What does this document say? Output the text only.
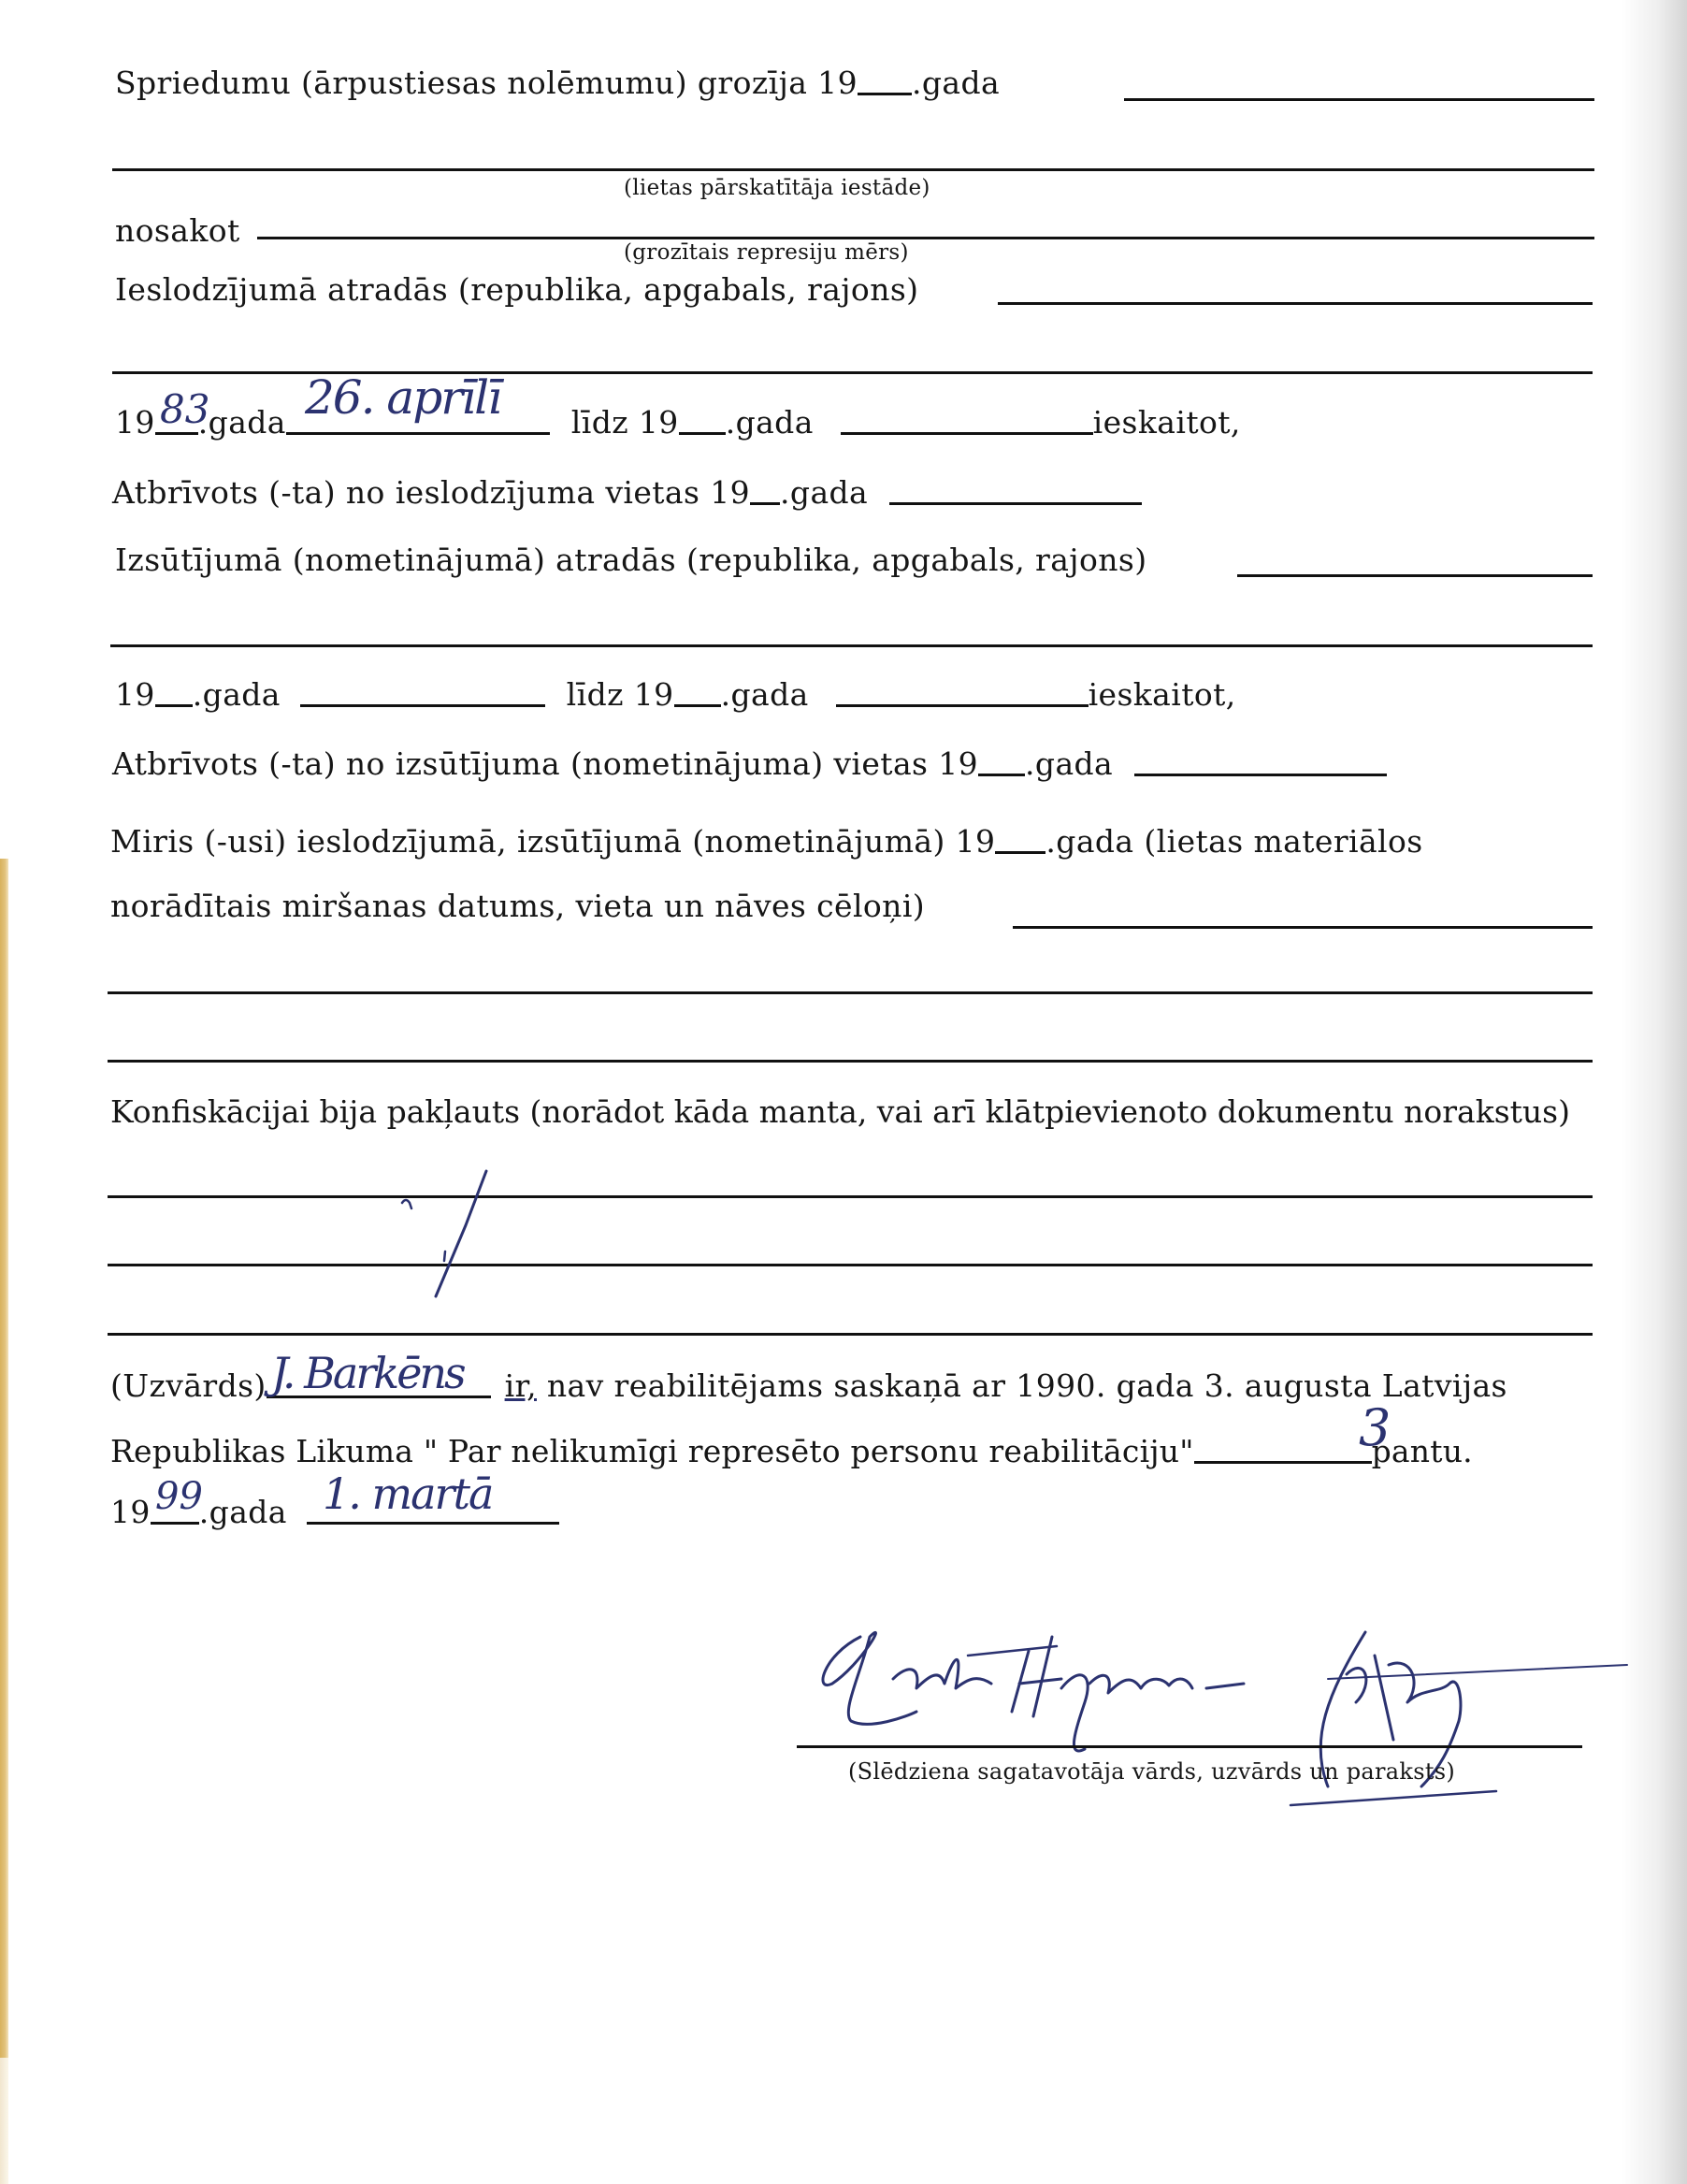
Spriedumu (ārpustiesas nolēmumu) grozīja 19 .gada
(lietas pārskatītāja iestāde)
nosakot
(grozītais represiju mērs)
Ieslodzījumā atradās (republika, apgabals, rajons)
19 .gada	līdz 19 .gada	ieskaitot,
83 26. aprīlī
Atbrīvots (-ta) no ieslodzījuma vietas 19 .gada
Izsūtījumā (nometinājumā) atradās (republika, apgabals, rajons)
19 .gada	līdz 19 .gada	ieskaitot,
Atbrīvots (-ta) no izsūtījuma (nometinājuma) vietas 19 .gada
Miris (-usi) ieslodzījumā, izsūtījumā (nometinājumā) 19 .gada (lietas materiālos
norādītais miršanas datums, vieta un nāves cēloņi)
Konfiskācijai bija pakļauts (norādot kāda manta, vai arī klātpievienoto dokumentu norakstus)
(Uzvārds)	ir, nav reabilitējams saskaņā ar 1990. gada 3. augusta Latvijas
J. Barkēns
Republikas Likuma " Par nelikumīgi represēto personu reabilitāciju"	pantu.
3
19 .gada
99	1. martā
(Slēdziena sagatavotāja vārds, uzvārds un paraksts)
